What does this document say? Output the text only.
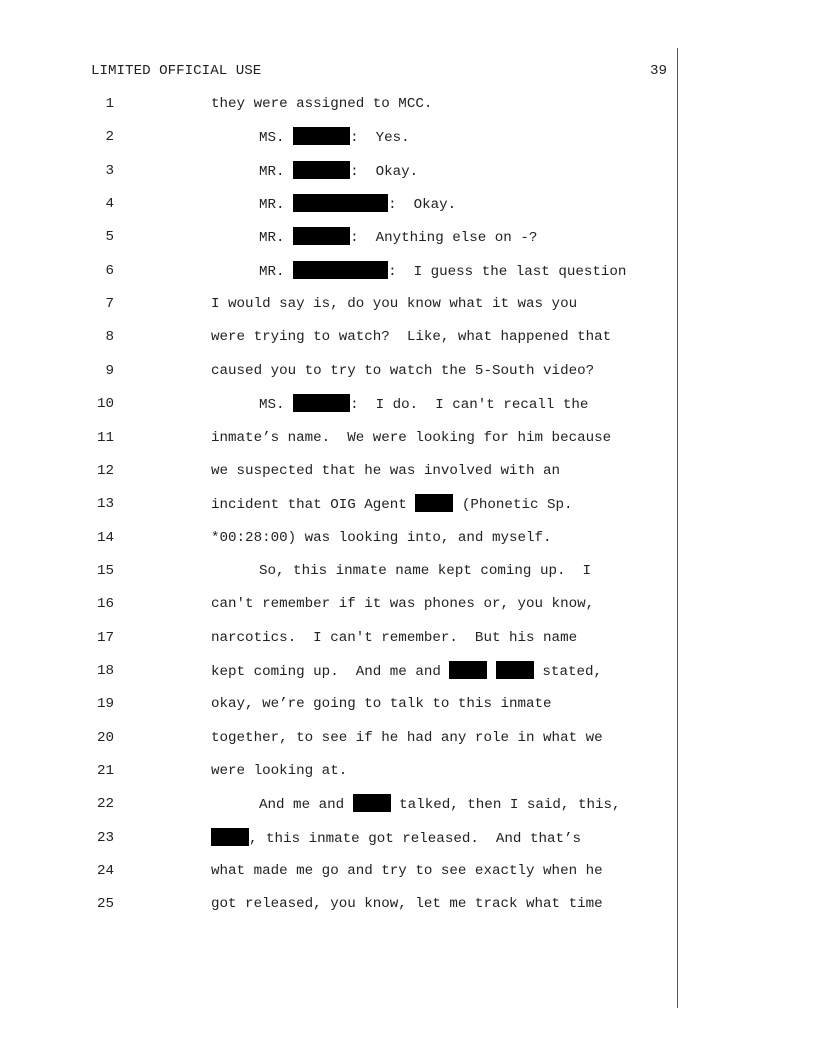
LIMITED OFFICIAL USE	39
1	they were assigned to MCC.
2	MS.	:  Yes.
3	MR.	:  Okay.
4	MR.	:  Okay.
5	MR.	:  Anything else on -?
6	MR.	:  I guess the last question
7	I would say is, do you know what it was you
8	were trying to watch?  Like, what happened that
9	caused you to try to watch the 5-South video?
10	MS.	:  I do.  I can't recall the
11	inmate’s name.  We were looking for him because
12	we suspected that he was involved with an
13	incident that OIG Agent	(Phonetic Sp.
14	*00:28:00) was looking into, and myself.
15	So, this inmate name kept coming up.  I
16	can't remember if it was phones or, you know,
17	narcotics.  I can't remember.  But his name
18	kept coming up.  And me and	stated,
19	okay, we’re going to talk to this inmate
20	together, to see if he had any role in what we
21	were looking at.
22	And me and	talked, then I said, this,
23	, this inmate got released.  And that’s
24	what made me go and try to see exactly when he
25	got released, you know, let me track what time
